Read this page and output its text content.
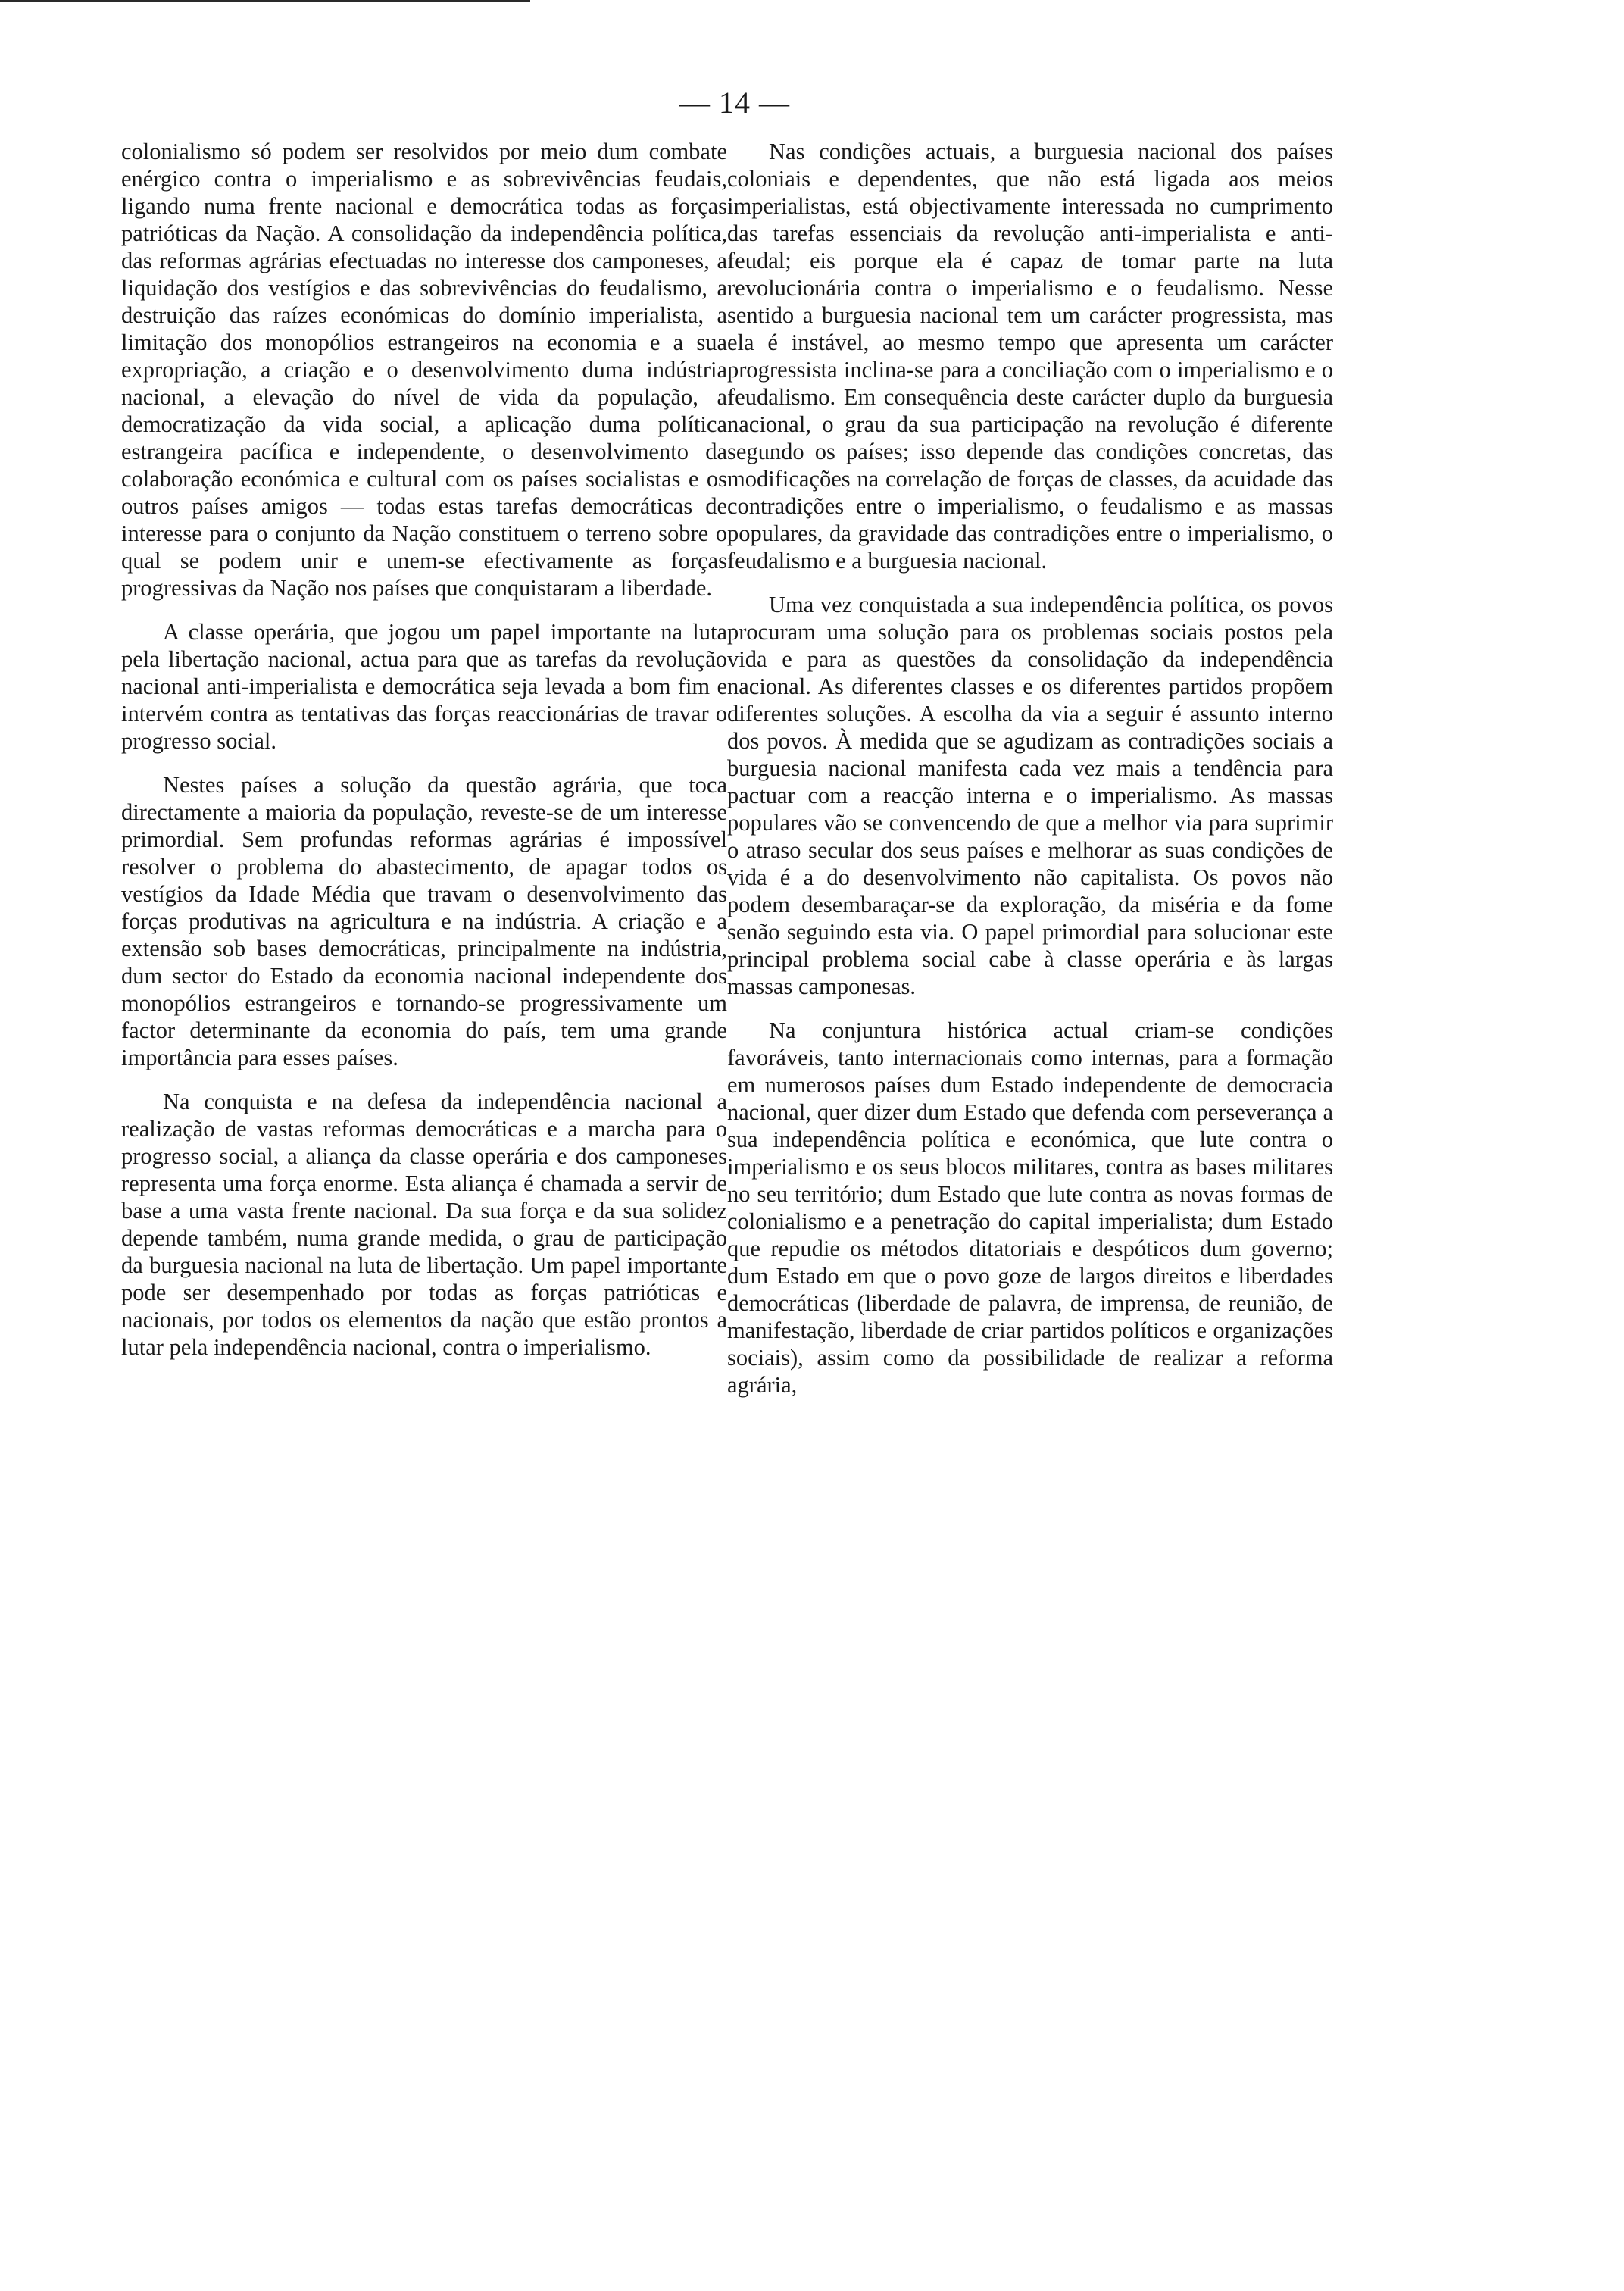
— 14 —

colonialismo só podem ser resolvidos por meio dum combate enérgico contra o imperialismo e as sobrevivências feudais, ligando numa frente nacional e democrática todas as forças patrióticas da Nação. A consolidação da independência política, das reformas agrárias efectuadas no interesse dos camponeses, a liquidação dos vestígios e das sobrevivências do feudalismo, a destruição das raízes económicas do domínio imperialista, a limitação dos monopólios estrangeiros na economia e a sua expropriação, a criação e o desenvolvimento duma indústria nacional, a elevação do nível de vida da população, a democratização da vida social, a aplicação duma política estrangeira pacífica e independente, o desenvolvimento da colaboração económica e cultural com os países socialistas e os outros países amigos — todas estas tarefas democráticas de interesse para o conjunto da Nação constituem o terreno sobre o qual se podem unir e unem-se efectivamente as forças progressivas da Nação nos países que conquistaram a liberdade.

A classe operária, que jogou um papel importante na luta pela libertação nacional, actua para que as tarefas da revolução nacional anti-imperialista e democrática seja levada a bom fim e intervém contra as tentativas das forças reaccionárias de travar o progresso social.

Nestes países a solução da questão agrária, que toca directamente a maioria da população, reveste-se de um interesse primordial. Sem profundas reformas agrárias é impossível resolver o problema do abastecimento, de apagar todos os vestígios da Idade Média que travam o desenvolvimento das forças produtivas na agricultura e na indústria. A criação e a extensão sob bases democráticas, principalmente na indústria, dum sector do Estado da economia nacional independente dos monopólios estrangeiros e tornando-se progressivamente um factor determinante da economia do país, tem uma grande importância para esses países.

Na conquista e na defesa da independência nacional a realização de vastas reformas democráticas e a marcha para o progresso social, a aliança da classe operária e dos camponeses representa uma força enorme. Esta aliança é chamada a servir de base a uma vasta frente nacional. Da sua força e da sua solidez depende também, numa grande medida, o grau de participação da burguesia nacional na luta de libertação. Um papel importante pode ser desempenhado por todas as forças patrióticas e nacionais, por todos os elementos da nação que estão prontos a lutar pela independência nacional, contra o imperialismo.

Nas condições actuais, a burguesia nacional dos países coloniais e dependentes, que não está ligada aos meios imperialistas, está objectivamente interessada no cumprimento das tarefas essenciais da revolução anti-imperialista e anti-feudal; eis porque ela é capaz de tomar parte na luta revolucionária contra o imperialismo e o feudalismo. Nesse sentido a burguesia nacional tem um carácter progressista, mas ela é instável, ao mesmo tempo que apresenta um carácter progressista inclina-se para a conciliação com o imperialismo e o feudalismo. Em consequência deste carácter duplo da burguesia nacional, o grau da sua participação na revolução é diferente segundo os países; isso depende das condições concretas, das modificações na correlação de forças de classes, da acuidade das contradições entre o imperialismo, o feudalismo e as massas populares, da gravidade das contradições entre o imperialismo, o feudalismo e a burguesia nacional.

Uma vez conquistada a sua independência política, os povos procuram uma solução para os problemas sociais postos pela vida e para as questões da consolidação da independência nacional. As diferentes classes e os diferentes partidos propõem diferentes soluções. A escolha da via a seguir é assunto interno dos povos. À medida que se agudizam as contradições sociais a burguesia nacional manifesta cada vez mais a tendência para pactuar com a reacção interna e o imperialismo. As massas populares vão se convencendo de que a melhor via para suprimir o atraso secular dos seus países e melhorar as suas condições de vida é a do desenvolvimento não capitalista. Os povos não podem desembaraçar-se da exploração, da miséria e da fome senão seguindo esta via. O papel primordial para solucionar este principal problema social cabe à classe operária e às largas massas camponesas.

Na conjuntura histórica actual criam-se condições favoráveis, tanto internacionais como internas, para a formação em numerosos países dum Estado independente de democracia nacional, quer dizer dum Estado que defenda com perseverança a sua independência política e económica, que lute contra o imperialismo e os seus blocos militares, contra as bases militares no seu território; dum Estado que lute contra as novas formas de colonialismo e a penetração do capital imperialista; dum Estado que repudie os métodos ditatoriais e despóticos dum governo; dum Estado em que o povo goze de largos direitos e liberdades democráticas (liberdade de palavra, de imprensa, de reunião, de manifestação, liberdade de criar partidos políticos e organizações sociais), assim como da possibilidade de realizar a reforma agrária,
